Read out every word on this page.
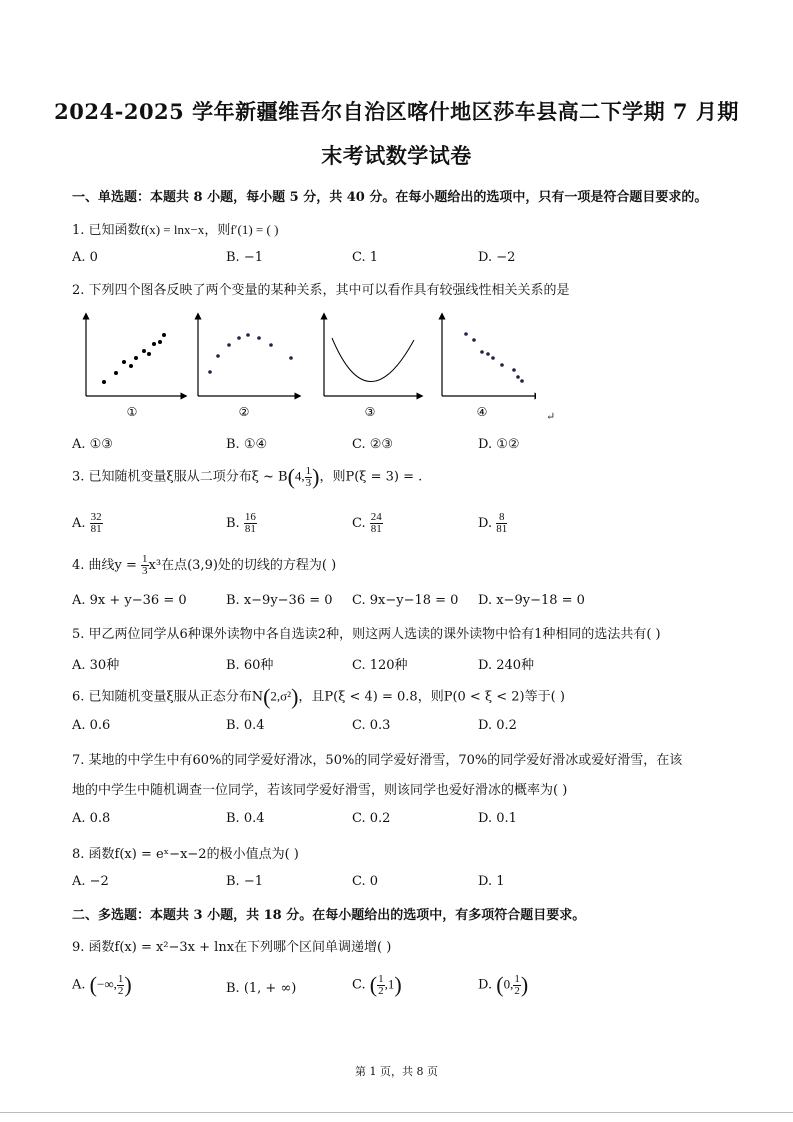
2024-2025 学年新疆维吾尔自治区喀什地区莎车县高二下学期 7 月期
末考试数学试卷
一、单选题：本题共 8 小题，每小题 5 分，共 40 分。在每小题给出的选项中，只有一项是符合题目要求的。
1. 已知函数f(x) = lnx−x，则f′(1) = ( )
A. 0	B. −1	C. 1	D. −2
2. 下列四个图各反映了两个变量的某种关系，其中可以看作具有较强线性相关关系的是
①	②	③	④	↵
A. ①③	B. ①④	C. ②③	D. ①②
3. 已知随机变量ξ服从二项分布ξ ~ B(4, $\frac{1}{3}$ )，则P(ξ = 3) = .
A. $\frac{32}{81}$	B. $\frac{16}{81}$	C. $\frac{24}{81}$	D. $\frac{8}{81}$
4. 曲线$y = \frac{1}{3} x^3$在点(3,9)处的切线的方程为( )
A. 9x + y−36 = 0	B. x−9y−36 = 0 C. 9x−y−18 = 0 D. x−9y−18 = 0
5. 甲乙两位同学从6种课外读物中各自选读2种，则这两人选读的课外读物中恰有1种相同的选法共有( )
A. 30种	B. 60种	C. 120种	D. 240种
6. 已知随机变量ξ服从正态分布N(2,σ²)，且P(ξ < 4) = 0.8，则P(0 < ξ < 2)等于( )
A. 0.6	B. 0.4	C. 0.3	D. 0.2
7. 某地的中学生中有60%的同学爱好滑冰，50%的同学爱好滑雪，70%的同学爱好滑冰或爱好滑雪，在该
地的中学生中随机调查一位同学，若该同学爱好滑雪，则该同学也爱好滑冰的概率为( )
A. 0.8	B. 0.4	C. 0.2	D. 0.1
8. 函数f(x) = eˣ−x−2的极小值点为( )
A. −2	B. −1	C. 0	D. 1
二、多选题：本题共 3 小题，共 18 分。在每小题给出的选项中，有多项符合题目要求。
9. 函数f(x) = x²−3x + lnx在下列哪个区间单调递增( )
A. (−∞, $\frac{1}{2}$ )	B. (1, + ∞)	C. ( $\frac{1}{2} ,1$)	D. (0, $\frac{1}{2}$ )
第 1 页，共 8 页
